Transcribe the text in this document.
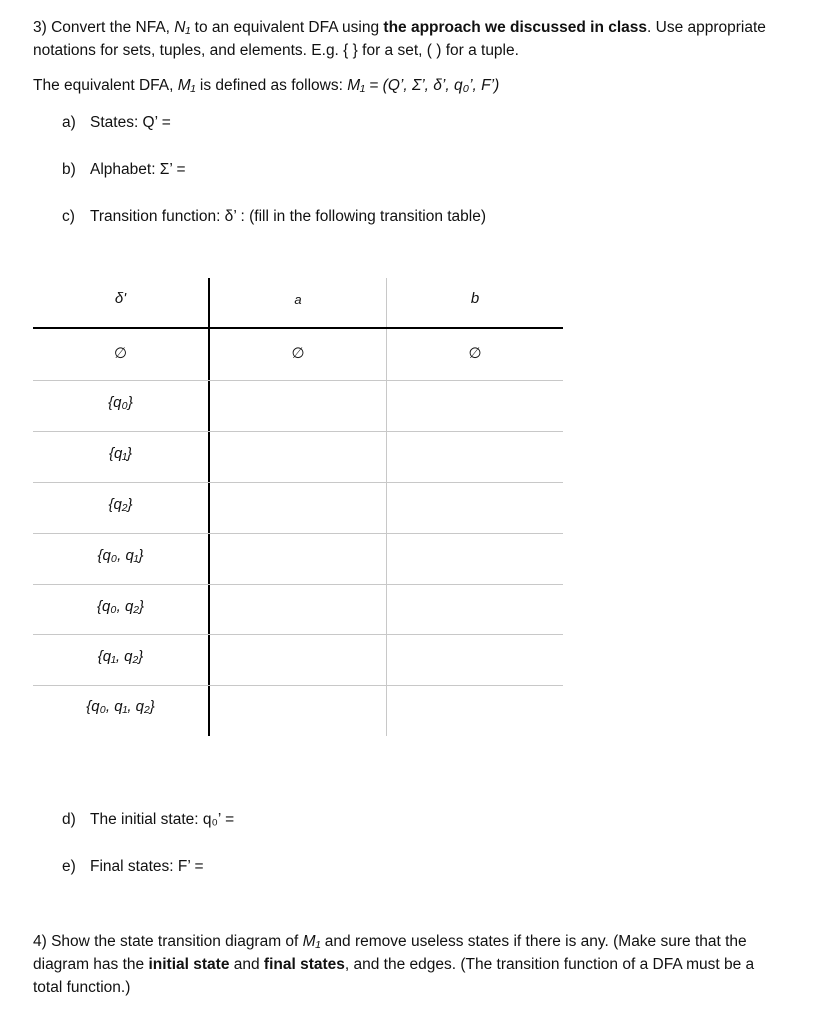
3) Convert the NFA, N₁ to an equivalent DFA using the approach we discussed in class. Use appropriate
notations for sets, tuples, and elements. E.g. { } for a set, ( ) for a tuple.
The equivalent DFA, M₁ is defined as follows: M₁ = (Q’, Σ’, δ’, q₀’, F’)
a) States: Q’ =
b) Alphabet: Σ’ =
c) Transition function: δ’ : (fill in the following transition table)
δ'	a	b
∅	∅	∅
{q₀}
{q₁}
{q₂}
{q₀, q₁}
{q₀, q₂}
{q₁, q₂}
{q₀, q₁, q₂}
d) The initial state: q₀’ =
e) Final states: F’ =
4) Show the state transition diagram of M₁ and remove useless states if there is any. (Make sure that the
diagram has the initial state and final states, and the edges. (The transition function of a DFA must be a
total function.)
